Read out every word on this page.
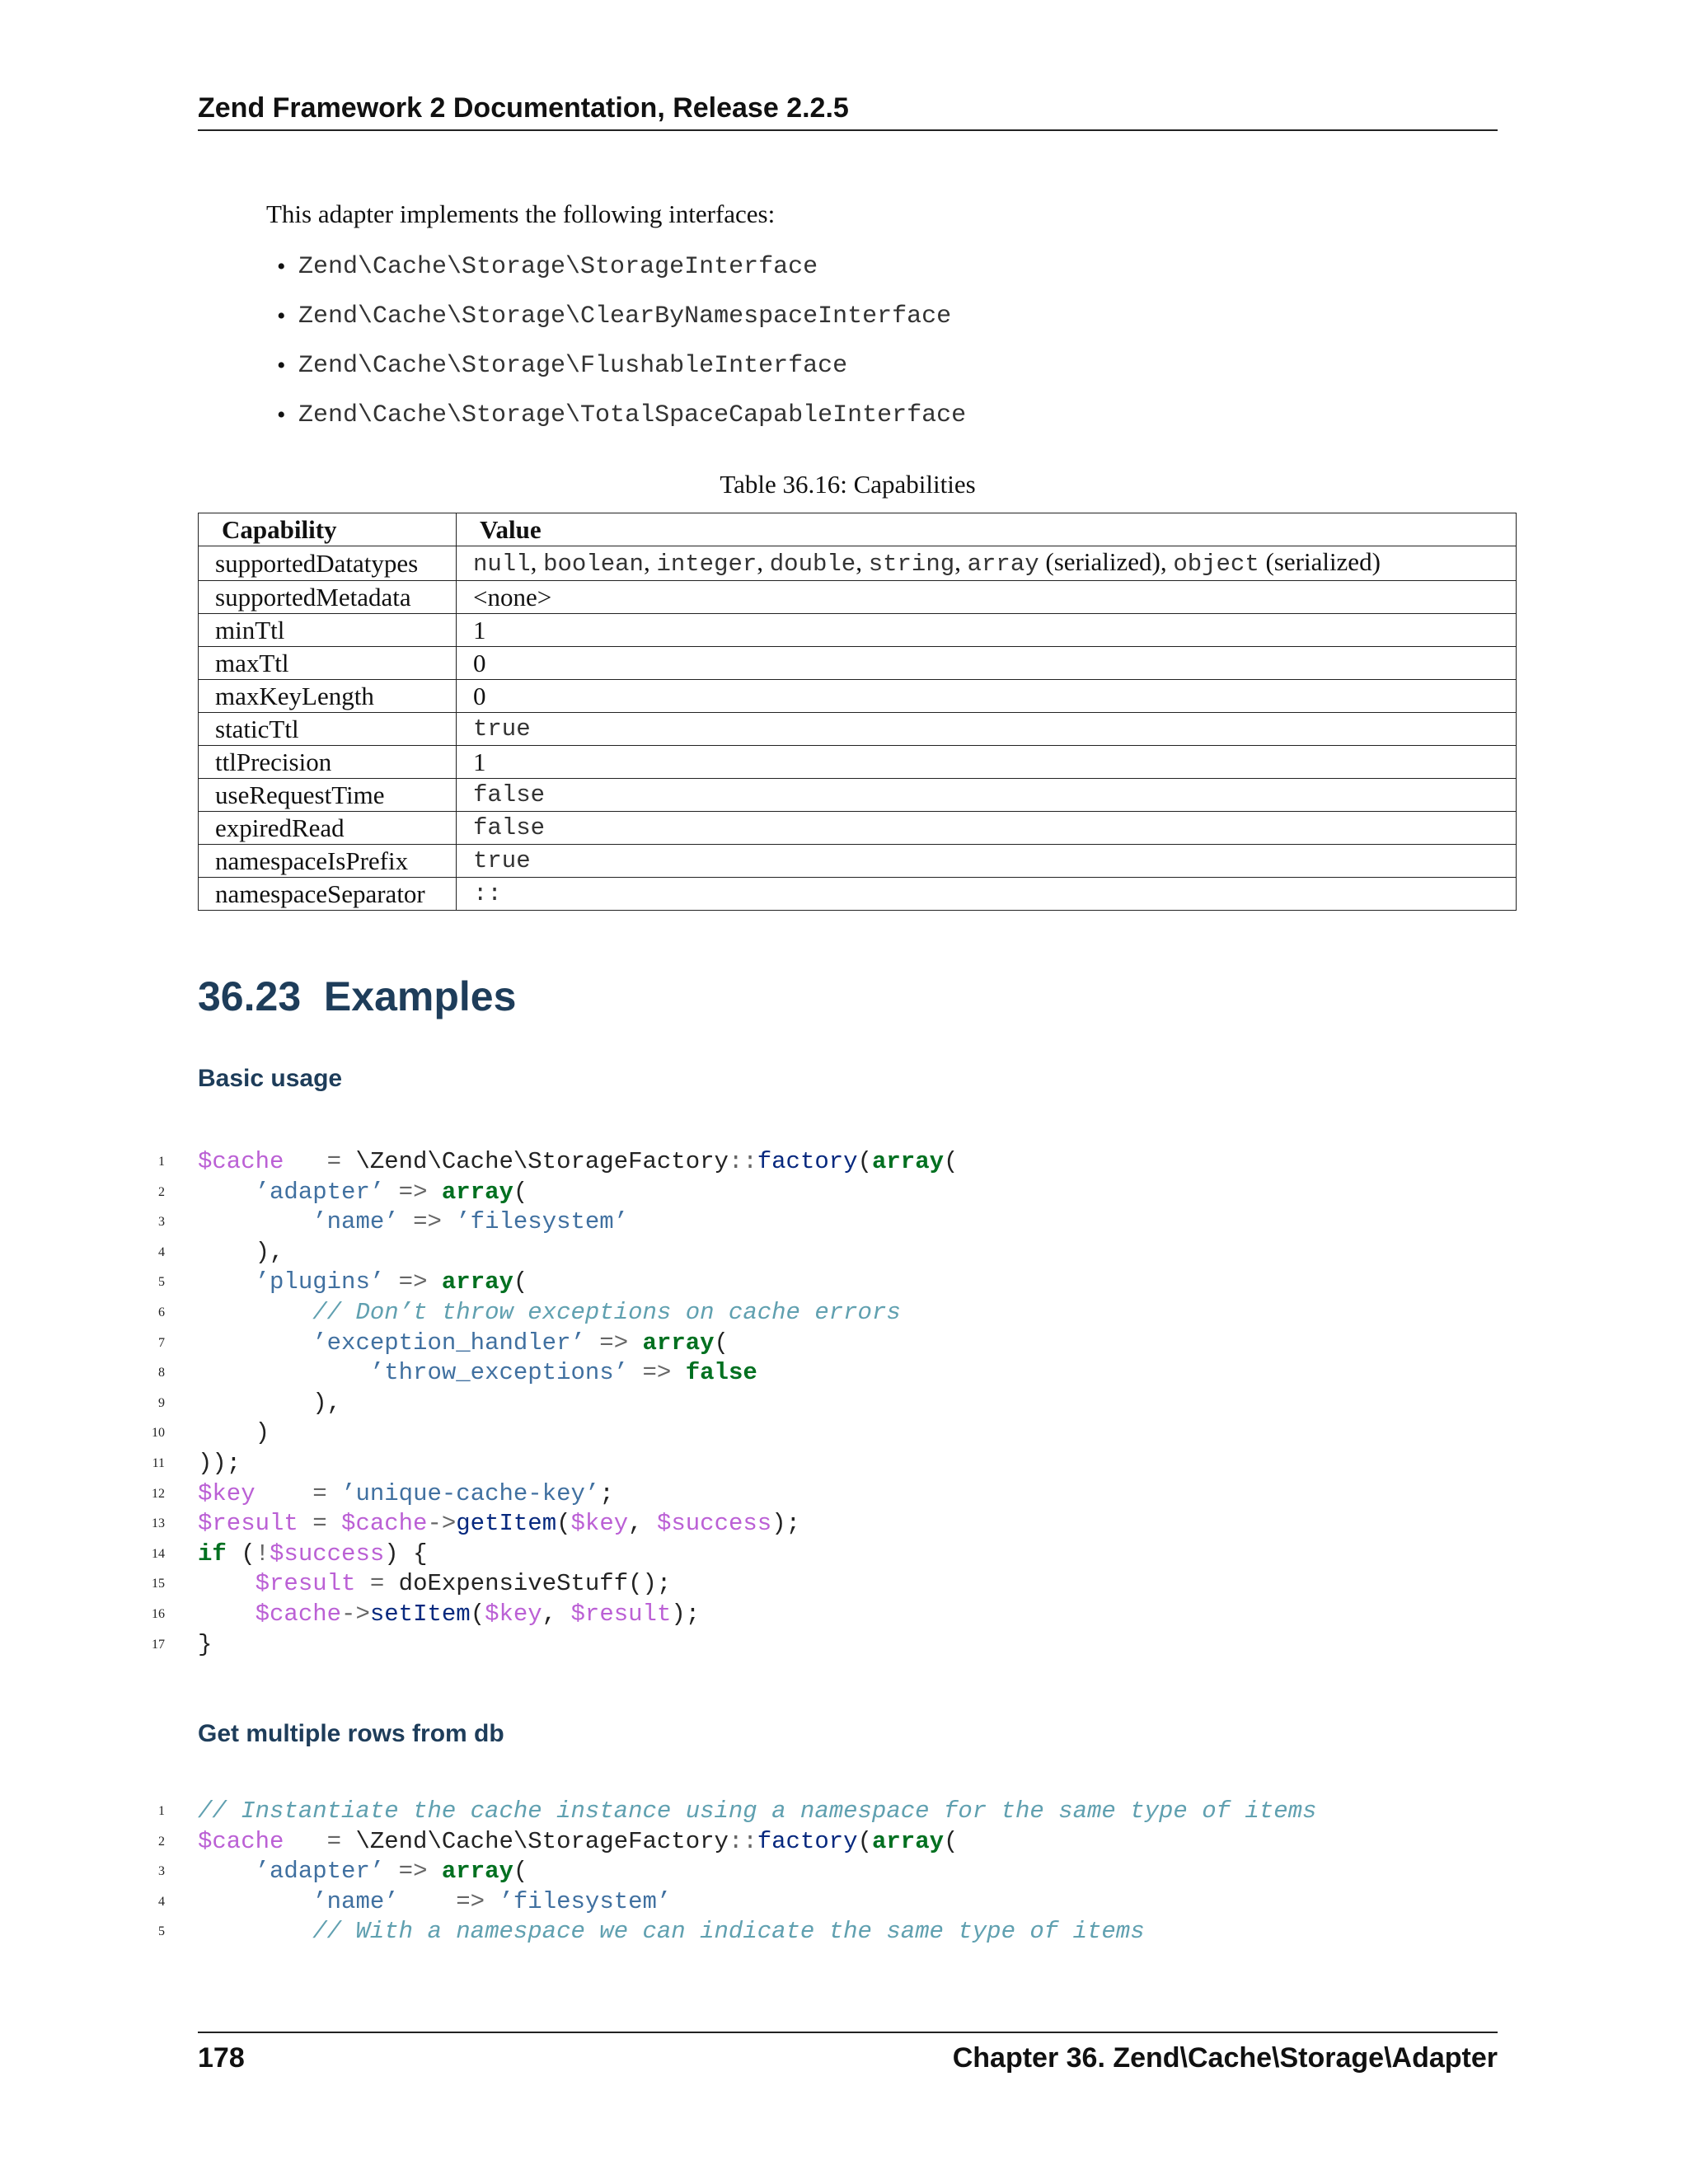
Zend Framework 2 Documentation, Release 2.2.5
This adapter implements the following interfaces:
• Zend\Cache\Storage\StorageInterface
• Zend\Cache\Storage\ClearByNamespaceInterface
• Zend\Cache\Storage\FlushableInterface
• Zend\Cache\Storage\TotalSpaceCapableInterface
Table 36.16: Capabilities
Capability	Value
supportedDatatypes	null, boolean, integer, double, string, array (serialized), object (serialized)
supportedMetadata	<none>
minTtl	1
maxTtl	0
maxKeyLength	0
staticTtl	true
ttlPrecision	1
useRequestTime	false
expiredRead	false
namespaceIsPrefix	true
namespaceSeparator	::
36.23 Examples
Basic usage
1 $cache = \Zend\Cache\StorageFactory::factory(array(
2	’adapter’ => array(
3	’name’ => ’filesystem’
4 ),
5	’plugins’ => array(
6	// Don’t throw exceptions on cache errors
7	’exception_handler’ => array(
8	’throw_exceptions’ => false
9 ),
10 )
11 ));
12 $key = ’unique-cache-key’;
13 $result = $cache->getItem($key, $success);
14 if (!$success) {
15	$result = doExpensiveStuff();
16	$cache->setItem($key, $result);
17 }
Get multiple rows from db
1 // Instantiate the cache instance using a namespace for the same type of items
2 $cache = \Zend\Cache\StorageFactory::factory(array(
3	’adapter’ => array(
4	’name’ => ’filesystem’
5	// With a namespace we can indicate the same type of items
178	Chapter 36. Zend\Cache\Storage\Adapter
